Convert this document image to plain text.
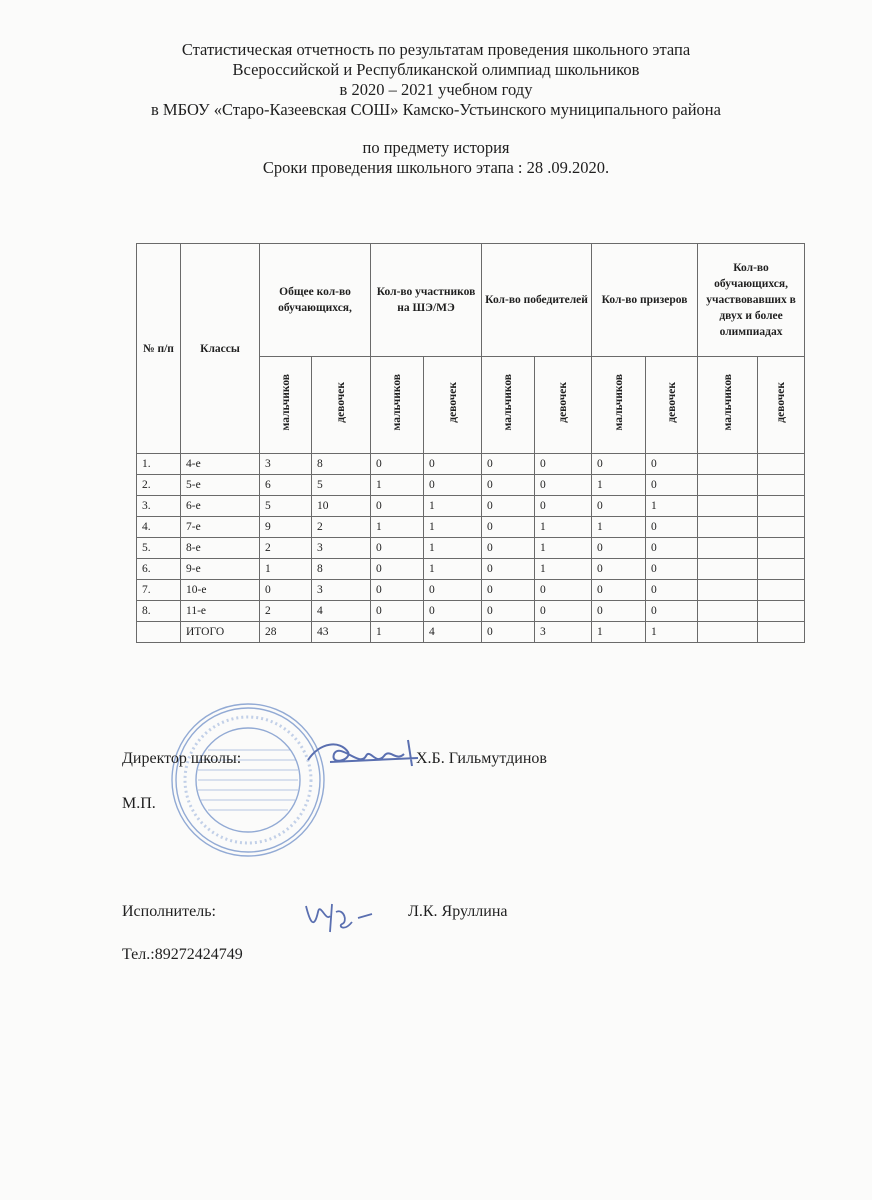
Статистическая отчетность по результатам проведения школьного этапа
Всероссийской и Республиканской олимпиад школьников
в 2020 – 2021 учебном году
в МБОУ «Старо-Казеевская СОШ» Камско-Устьинского муниципального района
по предмету история
Сроки проведения школьного этапа : 28 .09.2020.
№ п/п	Классы	Общее кол-во обучающихся,		Кол-во участников на ШЭ/МЭ		Кол-во победителей		Кол-во призеров		Кол-во обучающихся, участвовавших в двух и более олимпиадах	
		мальчиков	девочек	мальчиков	девочек	мальчиков	девочек	мальчиков	девочек	мальчиков	девочек
1.	4-е	3	8	0	0	0	0	0	0		
2.	5-е	6	5	1	0	0	0	1	0		
3.	6-е	5	10	0	1	0	0	0	1		
4.	7-е	9	2	1	1	0	1	1	0		
5.	8-е	2	3	0	1	0	1	0	0		
6.	9-е	1	8	0	1	0	1	0	0		
7.	10-е	0	3	0	0	0	0	0	0		
8.	11-е	2	4	0	0	0	0	0	0		
	ИТОГО	28	43	1	4	0	3	1	1		
Директор школы:	Х.Б. Гильмутдинов
М.П.
Исполнитель:	Л.К. Яруллина
Тел.:89272424749
